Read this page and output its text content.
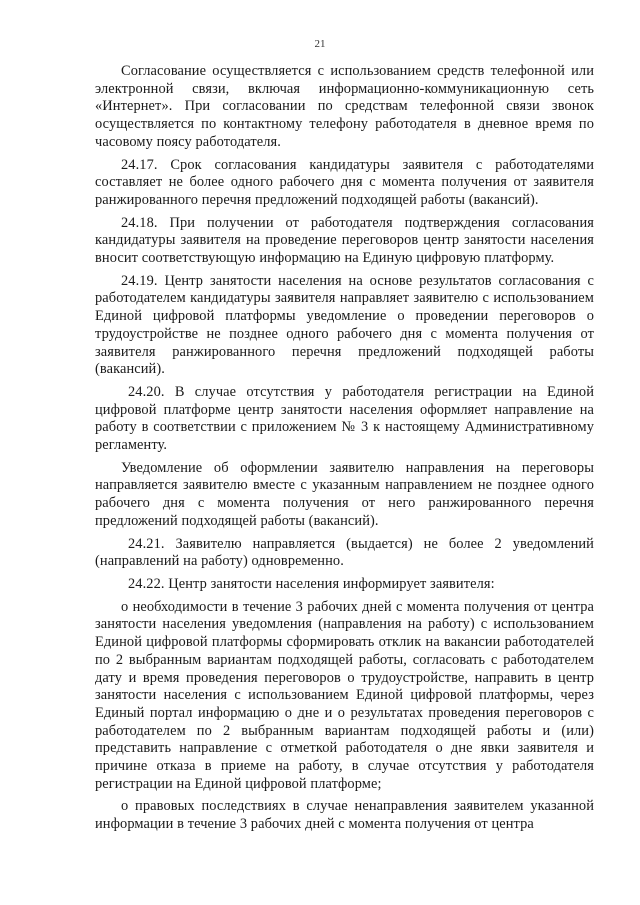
21

Согласование осуществляется с использованием средств телефонной или электронной связи, включая информационно-коммуникационную сеть «Интернет». При согласовании по средствам телефонной связи звонок осуществляется по контактному телефону работодателя в дневное время по часовому поясу работодателя.

24.17. Срок согласования кандидатуры заявителя с работодателями составляет не более одного рабочего дня с момента получения от заявителя ранжированного перечня предложений подходящей работы (вакансий).

24.18. При получении от работодателя подтверждения согласования кандидатуры заявителя на проведение переговоров центр занятости населения вносит соответствующую информацию на Единую цифровую платформу.

24.19. Центр занятости населения на основе результатов согласования с работодателем кандидатуры заявителя направляет заявителю с использованием Единой цифровой платформы уведомление о проведении переговоров о трудоустройстве не позднее одного рабочего дня с момента получения от заявителя ранжированного перечня предложений подходящей работы (вакансий).

24.20. В случае отсутствия у работодателя регистрации на Единой цифровой платформе центр занятости населения оформляет направление на работу в соответствии с приложением № 3 к настоящему Административному регламенту.

Уведомление об оформлении заявителю направления на переговоры направляется заявителю вместе с указанным направлением не позднее одного рабочего дня с момента получения от него ранжированного перечня предложений подходящей работы (вакансий).

24.21. Заявителю направляется (выдается) не более 2 уведомлений (направлений на работу) одновременно.

24.22. Центр занятости населения информирует заявителя:

о необходимости в течение 3 рабочих дней с момента получения от центра занятости населения уведомления (направления на работу) с использованием Единой цифровой платформы сформировать отклик на вакансии работодателей по 2 выбранным вариантам подходящей работы, согласовать с работодателем дату и время проведения переговоров о трудоустройстве, направить в центр занятости населения с использованием Единой цифровой платформы, через Единый портал информацию о дне и о результатах проведения переговоров с работодателем по 2 выбранным вариантам подходящей работы и (или) представить направление с отметкой работодателя о дне явки заявителя и причине отказа в приеме на работу, в случае отсутствия у работодателя регистрации на Единой цифровой платформе;

о правовых последствиях в случае ненаправления заявителем указанной информации в течение 3 рабочих дней с момента получения от центра
